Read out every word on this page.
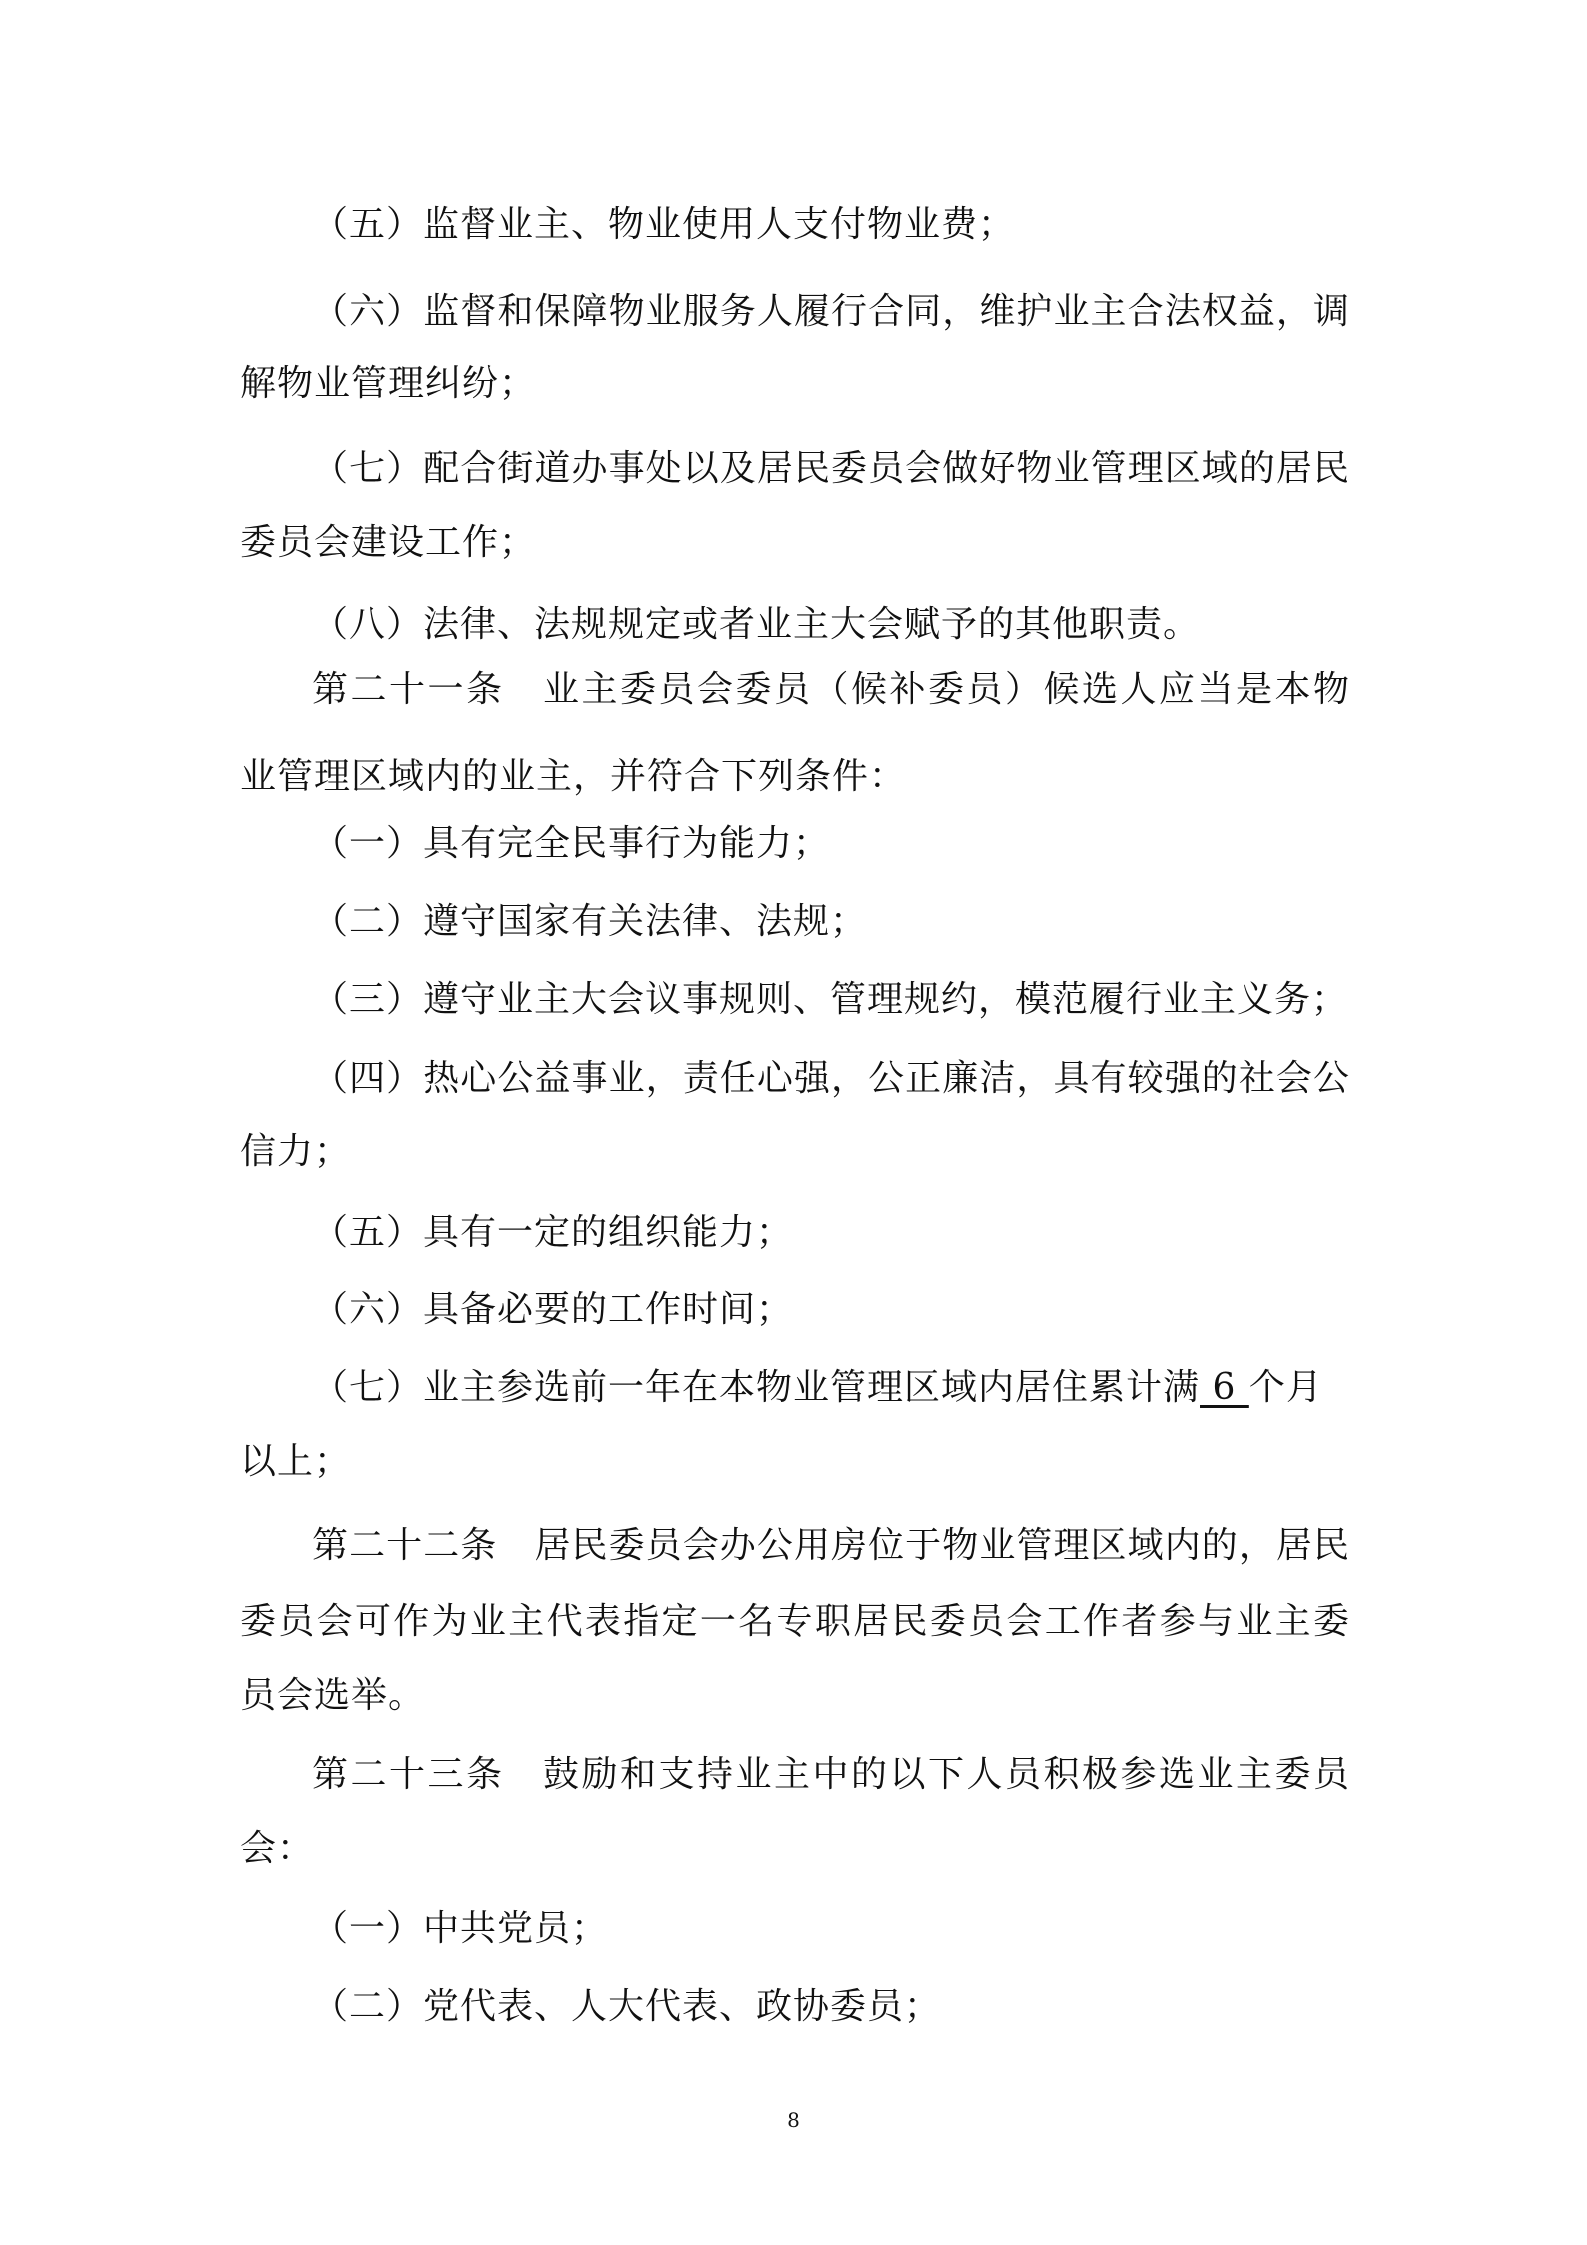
（五）监督业主、物业使用人支付物业费；
（六）监督和保障物业服务人履行合同，维护业主合法权益，调
解物业管理纠纷；
（七）配合街道办事处以及居民委员会做好物业管理区域的居民
委员会建设工作；
（八）法律、法规规定或者业主大会赋予的其他职责。
第二十一条　业主委员会委员（候补委员）候选人应当是本物
业管理区域内的业主，并符合下列条件：
（一）具有完全民事行为能力；
（二）遵守国家有关法律、法规；
（三）遵守业主大会议事规则、管理规约，模范履行业主义务；
（四）热心公益事业，责任心强，公正廉洁，具有较强的社会公
信力；
（五）具有一定的组织能力；
（六）具备必要的工作时间；
（七）业主参选前一年在本物业管理区域内居住累计满 6 个月
以上；
第二十二条　居民委员会办公用房位于物业管理区域内的，居民
委员会可作为业主代表指定一名专职居民委员会工作者参与业主委
员会选举。
第二十三条　鼓励和支持业主中的以下人员积极参选业主委员
会：
（一）中共党员；
（二）党代表、人大代表、政协委员；
8
